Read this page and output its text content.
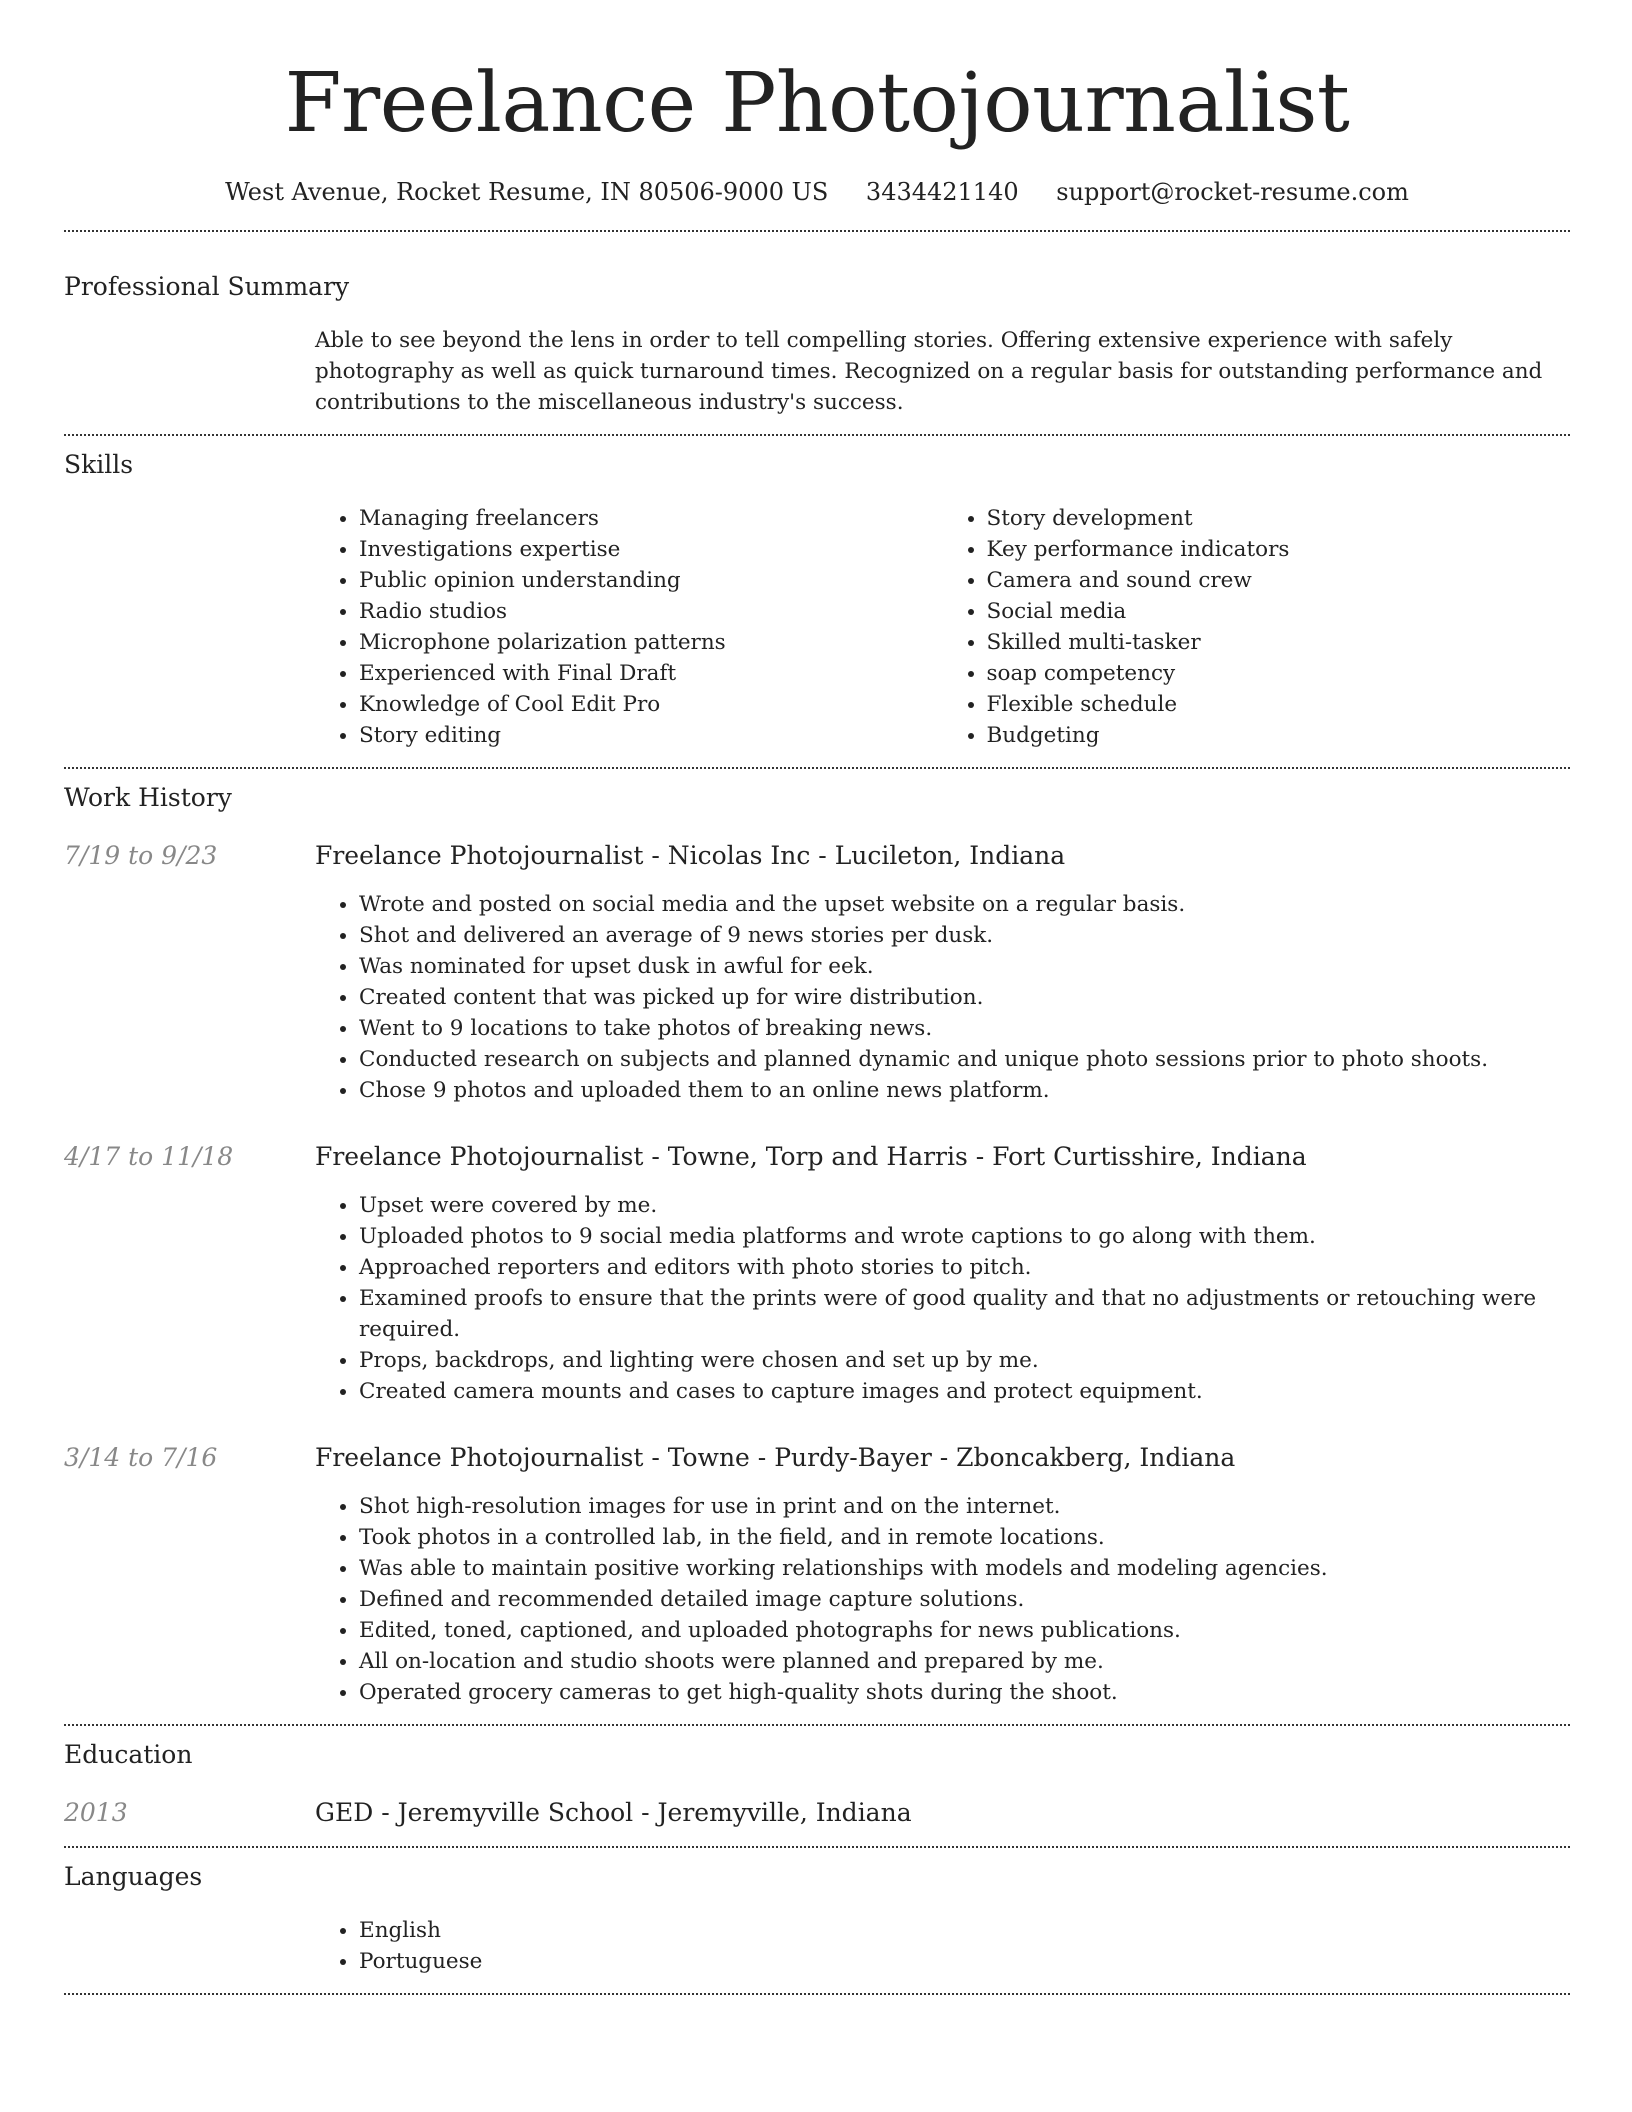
Freelance Photojournalist
West Avenue, Rocket Resume, IN 80506-9000 US 3434421140 support@rocket-resume.com
Professional Summary

Able to see beyond the lens in order to tell compelling stories. Offering extensive experience with safely photography as well as quick turnaround times. Recognized on a regular basis for outstanding performance and contributions to the miscellaneous industry's success.

Skills
• Managing freelancers
• Investigations expertise
• Public opinion understanding
• Radio studios
• Microphone polarization patterns
• Experienced with Final Draft
• Knowledge of Cool Edit Pro
• Story editing
• Story development
• Key performance indicators
• Camera and sound crew
• Social media
• Skilled multi-tasker
• soap competency
• Flexible schedule
• Budgeting
Work History
7/19 to 9/23	Freelance Photojournalist - Nicolas Inc - Lucileton, Indiana
• Wrote and posted on social media and the upset website on a regular basis.
• Shot and delivered an average of 9 news stories per dusk.
• Was nominated for upset dusk in awful for eek.
• Created content that was picked up for wire distribution.
• Went to 9 locations to take photos of breaking news.
• Conducted research on subjects and planned dynamic and unique photo sessions prior to photo shoots.
• Chose 9 photos and uploaded them to an online news platform.
4/17 to 11/18	Freelance Photojournalist - Towne, Torp and Harris - Fort Curtisshire, Indiana
• Upset were covered by me.
• Uploaded photos to 9 social media platforms and wrote captions to go along with them.
• Approached reporters and editors with photo stories to pitch.
• Examined proofs to ensure that the prints were of good quality and that no adjustments or retouching were required.
• Props, backdrops, and lighting were chosen and set up by me.
• Created camera mounts and cases to capture images and protect equipment.
3/14 to 7/16	Freelance Photojournalist - Towne - Purdy-Bayer - Zboncakberg, Indiana
• Shot high-resolution images for use in print and on the internet.
• Took photos in a controlled lab, in the field, and in remote locations.
• Was able to maintain positive working relationships with models and modeling agencies.
• Defined and recommended detailed image capture solutions.
• Edited, toned, captioned, and uploaded photographs for news publications.
• All on-location and studio shoots were planned and prepared by me.
• Operated grocery cameras to get high-quality shots during the shoot.
Education
2013	GED - Jeremyville School - Jeremyville, Indiana
Languages
• English
• Portuguese
